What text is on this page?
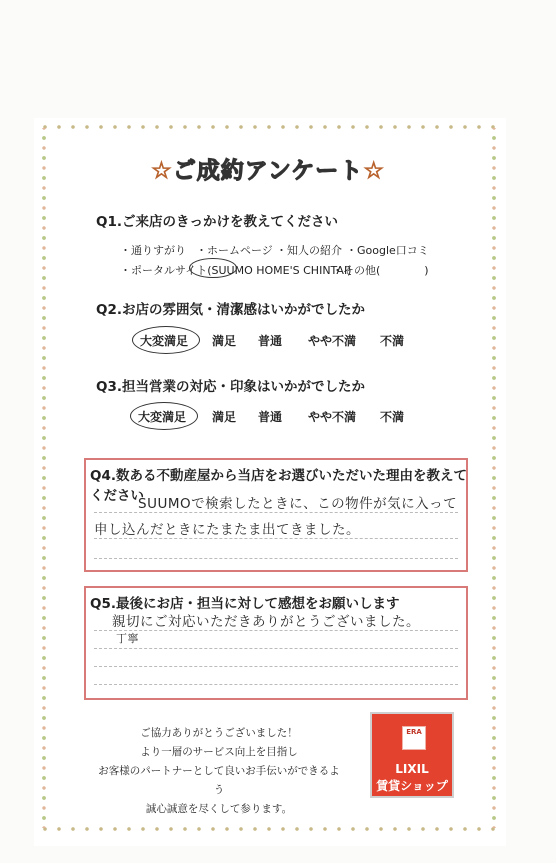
☆ご成約アンケート☆
Q1.ご来店のきっかけを教えてください
・通りすがり ・ホームページ ・知人の紹介 ・Google口コミ
・ポータルサイト(SUUMO HOME'S CHINTAI)
・その他(　　　　)
Q2.お店の雰囲気・清潔感はいかがでしたか
大変満足 満足 普通 やや不満 不満
Q3.担当営業の対応・印象はいかがでしたか
大変満足 満足 普通 やや不満 不満
Q4.数ある不動産屋から当店をお選びいただいた理由を教えて
ください
SUUMOで検索したときに、この物件が気に入って
申し込んだときにたまたま出てきました。
Q5.最後にお店・担当に対して感想をお願いします
親切にご対応いただきありがとうございました。
丁寧
ご協力ありがとうございました！
より一層のサービス向上を目指し
お客様のパートナーとして良いお手伝いができるよう
誠心誠意を尽くして参ります。
ERA
LIXIL
賃貸ショップ
